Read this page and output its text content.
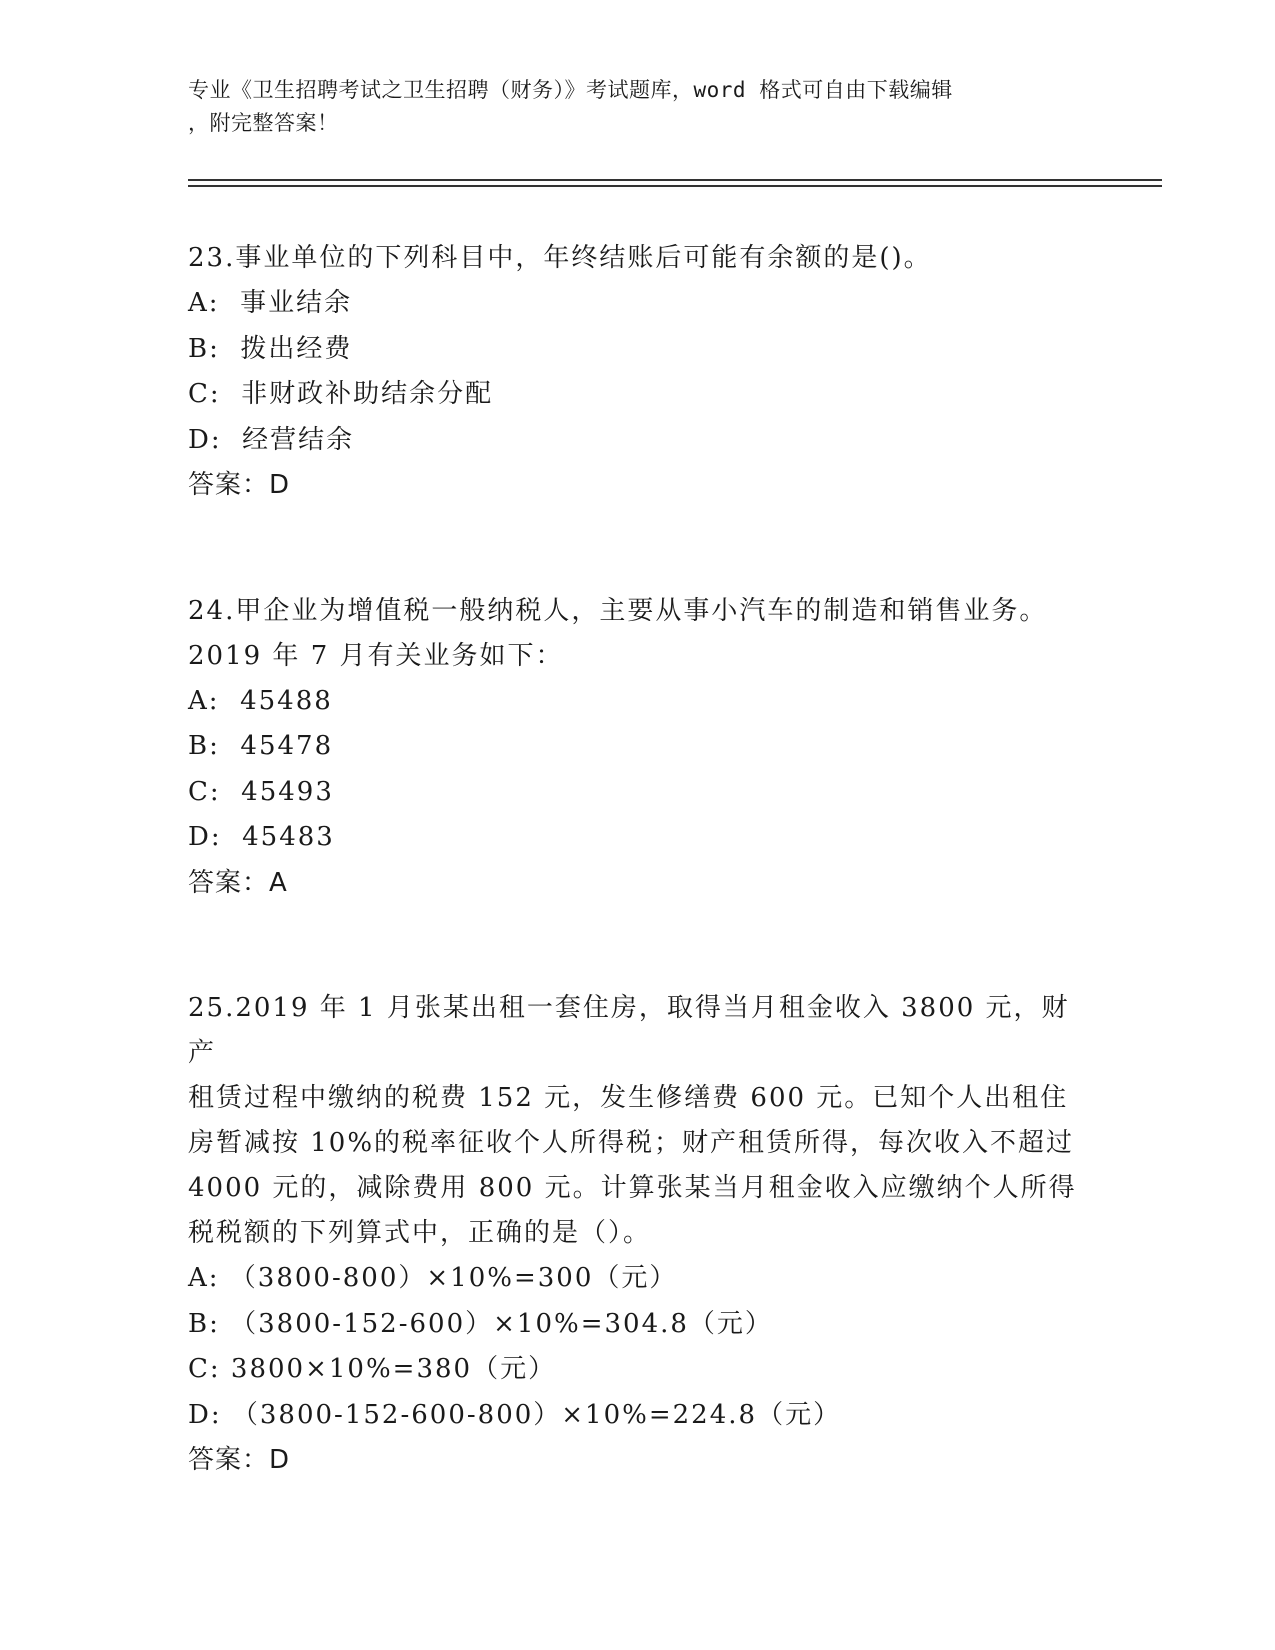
专业《卫生招聘考试之卫生招聘（财务）》考试题库，word 格式可自由下载编辑
，附完整答案！

23.事业单位的下列科目中，年终结账后可能有余额的是()。

A:  事业结余

B:  拨出经费

C:  非财政补助结余分配

D:  经营结余

答案：D

24.甲企业为增值税一般纳税人，主要从事小汽车的制造和销售业务。

2019 年 7 月有关业务如下：

A:  45488

B:  45478

C:  45493

D:  45483

答案：A

25.2019 年 1 月张某出租一套住房，取得当月租金收入 3800 元，财产

租赁过程中缴纳的税费 152 元，发生修缮费 600 元。已知个人出租住

房暂减按 10%的税率征收个人所得税；财产租赁所得，每次收入不超过

4000 元的，减除费用 800 元。计算张某当月租金收入应缴纳个人所得

税税额的下列算式中，正确的是（）。

A: （3800-800）×10%=300（元）

B: （3800-152-600）×10%=304.8（元）

C: 3800×10%=380（元）

D: （3800-152-600-800）×10%=224.8（元）

答案：D
